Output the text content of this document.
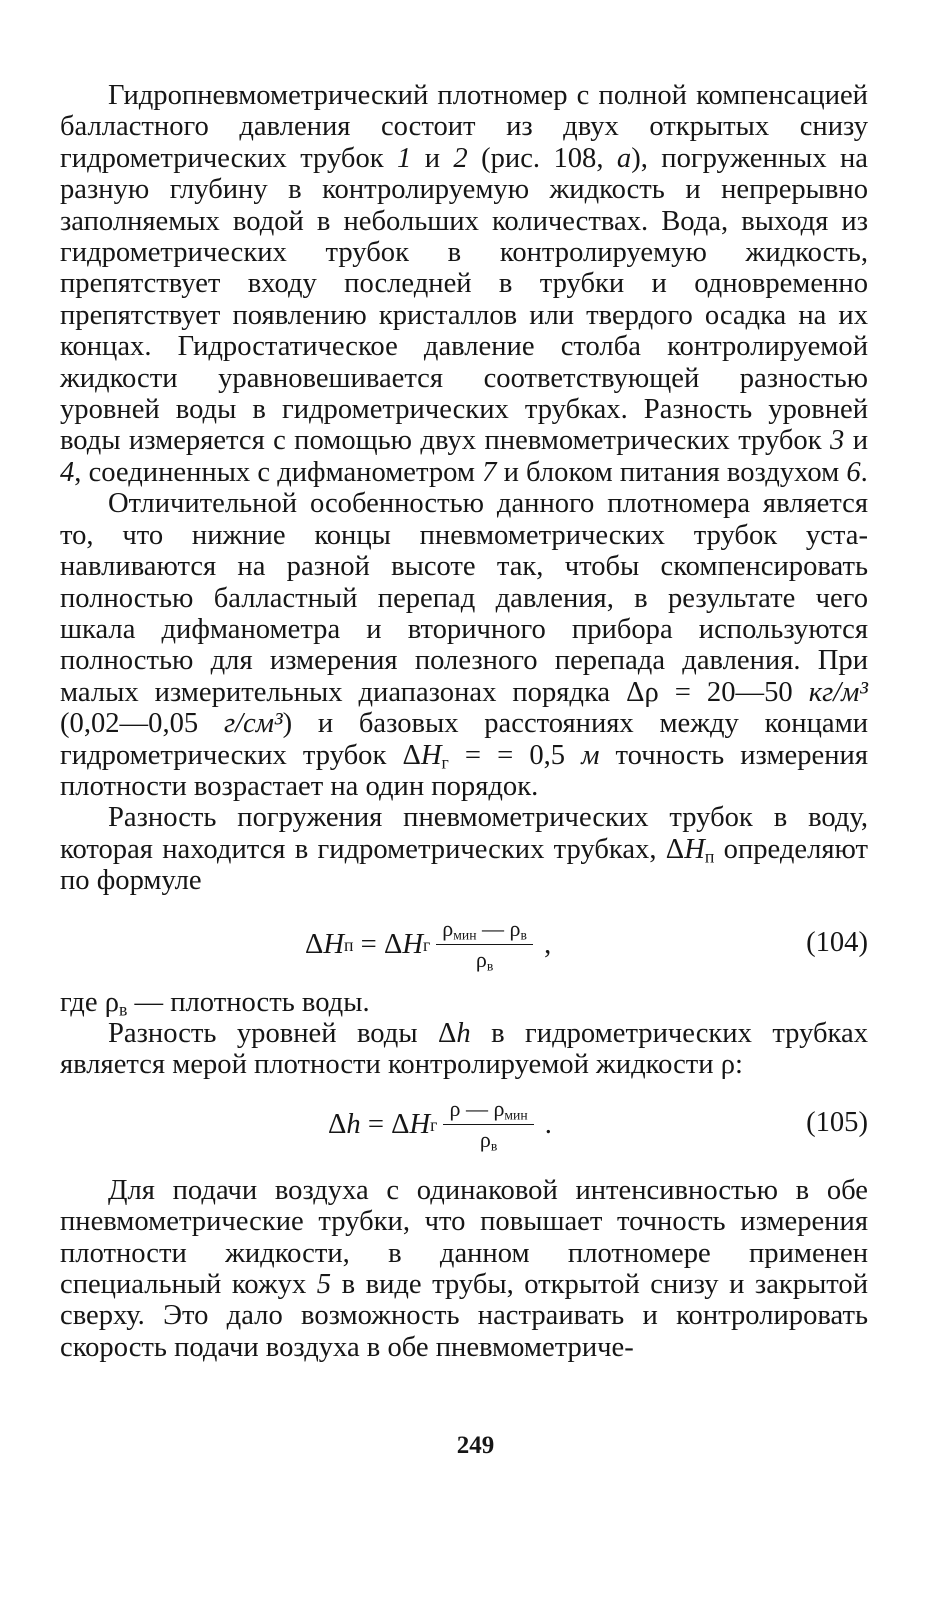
Гидропневмометрический плотномер с полной компенсацией балластного давления состоит из двух открытых снизу гидрометрических трубок 1 и 2 (рис. 108, а), погруженных на разную глубину в контролируемую жидкость и непрерывно заполняемых водой в небольших количествах. Вода, выходя из гидрометрических трубок в контролируемую жидкость, препятствует входу последней в трубки и одновременно препятствует появлению кристаллов или твердого осадка на их концах. Гидростатическое давление столба контролируемой жидкости уравновешивается соответствующей разностью уровней воды в гидрометрических трубках. Разность уровней воды измеряется с помощью двух пневмометрических трубок 3 и 4, соединенных с дифманометром 7 и блоком питания воздухом 6.

Отличительной особенностью данного плотномера является то, что нижние концы пневмометрических трубок устанавливаются на разной высоте так, чтобы скомпенсировать полностью балластный перепад давления, в результате чего шкала дифманометра и вторичного прибора используются полностью для измерения полезного перепада давления. При малых измерительных диапазонах порядка Δρ = 20—50 кг/м³ (0,02—0,05 г/см³) и базовых расстояниях между концами гидрометрических трубок $\Delta H_г$ = = 0,5 м точность измерения плотности возрастает на один порядок.

Разность погружения пневмометрических трубок в воду, которая находится в гидрометрических трубках, $\Delta H_п$ определяют по формуле

Δ H п = Δ H г $\frac{\rho_{мин} — \rho_в}{\rho_в}$ ,	(104)

где $\rho_в$ — плотность воды.

Разность уровней воды Δh в гидрометрических трубках является мерой плотности контролируемой жидкости ρ:

Δ h = Δ H г $\frac{\rho — \rho_{мин}}{\rho_в}$ .	(105)

Для подачи воздуха с одинаковой интенсивностью в обе пневмометрические трубки, что повышает точность измерения плотности жидкости, в данном плотномере применен специальный кожух 5 в виде трубы, открытой снизу и закрытой сверху. Это дало возможность настраивать и контролировать скорость подачи воздуха в обе пневмометриче-

249
